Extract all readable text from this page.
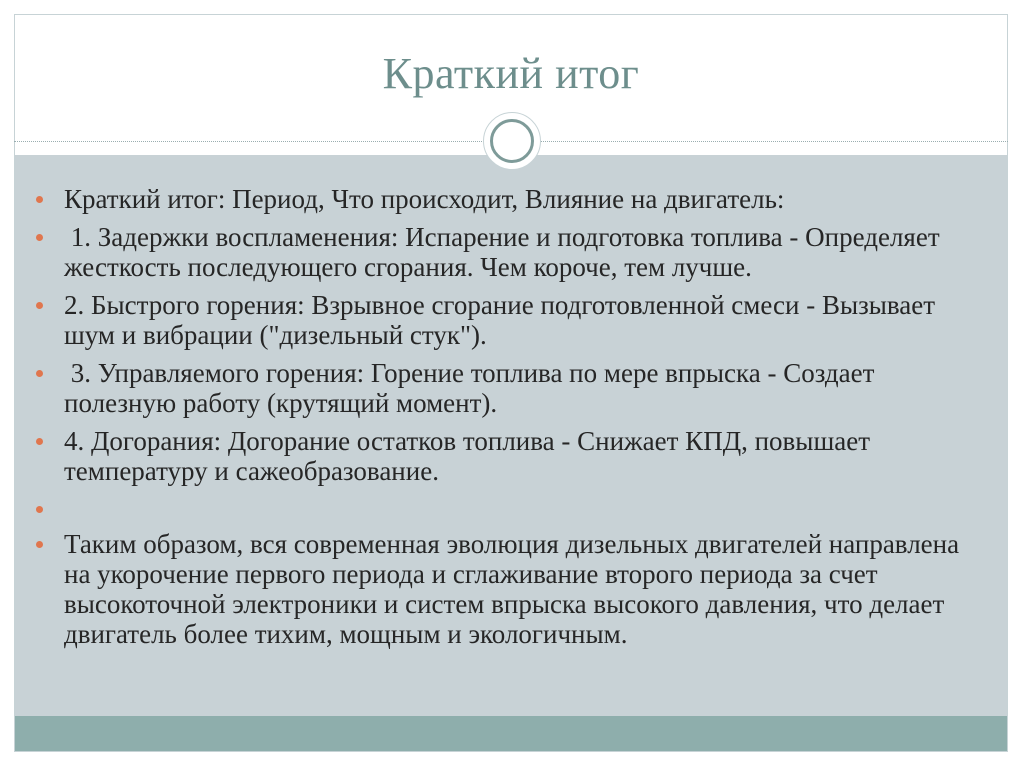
Краткий итог
Краткий итог: Период, Что происходит, Влияние на двигатель:
1. Задержки воспламенения: Испарение и подготовка топлива - Определяет жесткость последующего сгорания. Чем короче, тем лучше.
2. Быстрого горения: Взрывное сгорание подготовленной смеси - Вызывает шум и вибрации ("дизельный стук").
3. Управляемого горения: Горение топлива по мере впрыска - Создает полезную работу (крутящий момент).
4. Догорания: Догорание остатков топлива - Снижает КПД, повышает температуру и сажеобразование.
Таким образом, вся современная эволюция дизельных двигателей направлена на укорочение первого периода и сглаживание второго периода за счет высокоточной электроники и систем впрыска высокого давления, что делает двигатель более тихим, мощным и экологичным.
